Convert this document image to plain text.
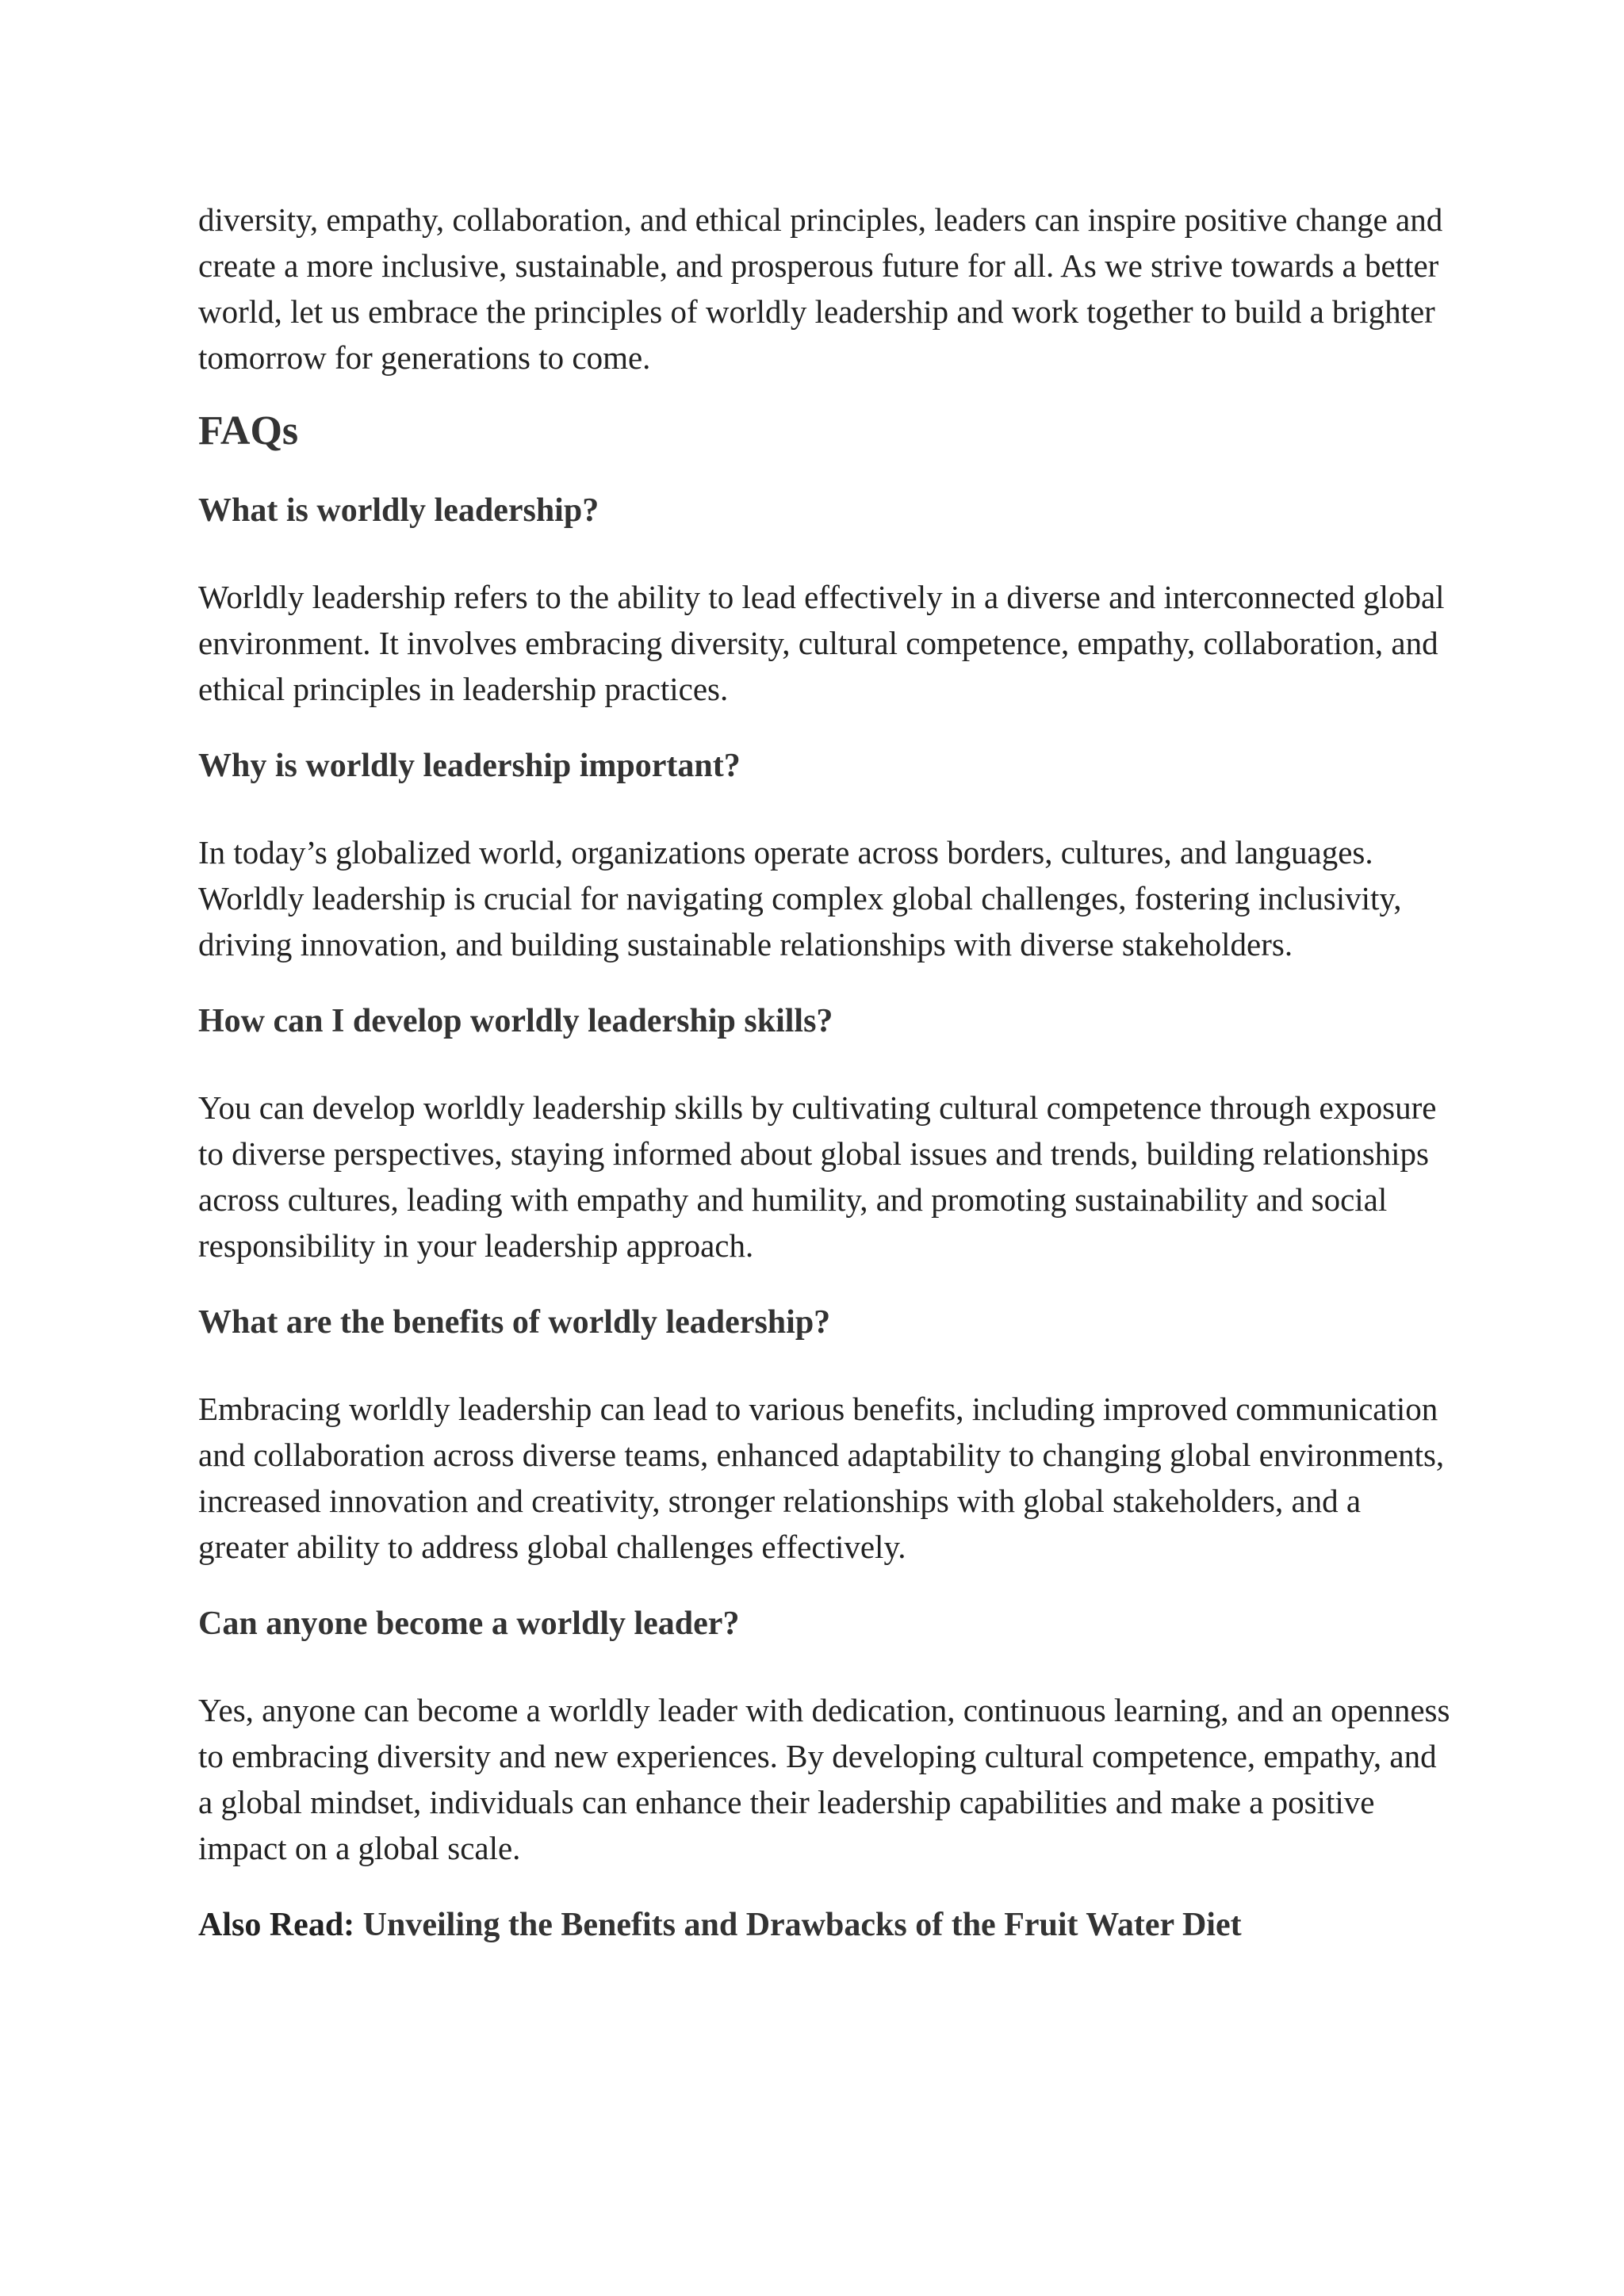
diversity, empathy, collaboration, and ethical principles, leaders can inspire positive change and create a more inclusive, sustainable, and prosperous future for all. As we strive towards a better world, let us embrace the principles of worldly leadership and work together to build a brighter tomorrow for generations to come.

FAQs
What is worldly leadership?

Worldly leadership refers to the ability to lead effectively in a diverse and interconnected global environment. It involves embracing diversity, cultural competence, empathy, collaboration, and ethical principles in leadership practices.

Why is worldly leadership important?

In today’s globalized world, organizations operate across borders, cultures, and languages. Worldly leadership is crucial for navigating complex global challenges, fostering inclusivity, driving innovation, and building sustainable relationships with diverse stakeholders.

How can I develop worldly leadership skills?

You can develop worldly leadership skills by cultivating cultural competence through exposure to diverse perspectives, staying informed about global issues and trends, building relationships across cultures, leading with empathy and humility, and promoting sustainability and social responsibility in your leadership approach.

What are the benefits of worldly leadership?

Embracing worldly leadership can lead to various benefits, including improved communication and collaboration across diverse teams, enhanced adaptability to changing global environments, increased innovation and creativity, stronger relationships with global stakeholders, and a greater ability to address global challenges effectively.

Can anyone become a worldly leader?

Yes, anyone can become a worldly leader with dedication, continuous learning, and an openness to embracing diversity and new experiences. By developing cultural competence, empathy, and a global mindset, individuals can enhance their leadership capabilities and make a positive impact on a global scale.

Also Read: Unveiling the Benefits and Drawbacks of the Fruit Water Diet
